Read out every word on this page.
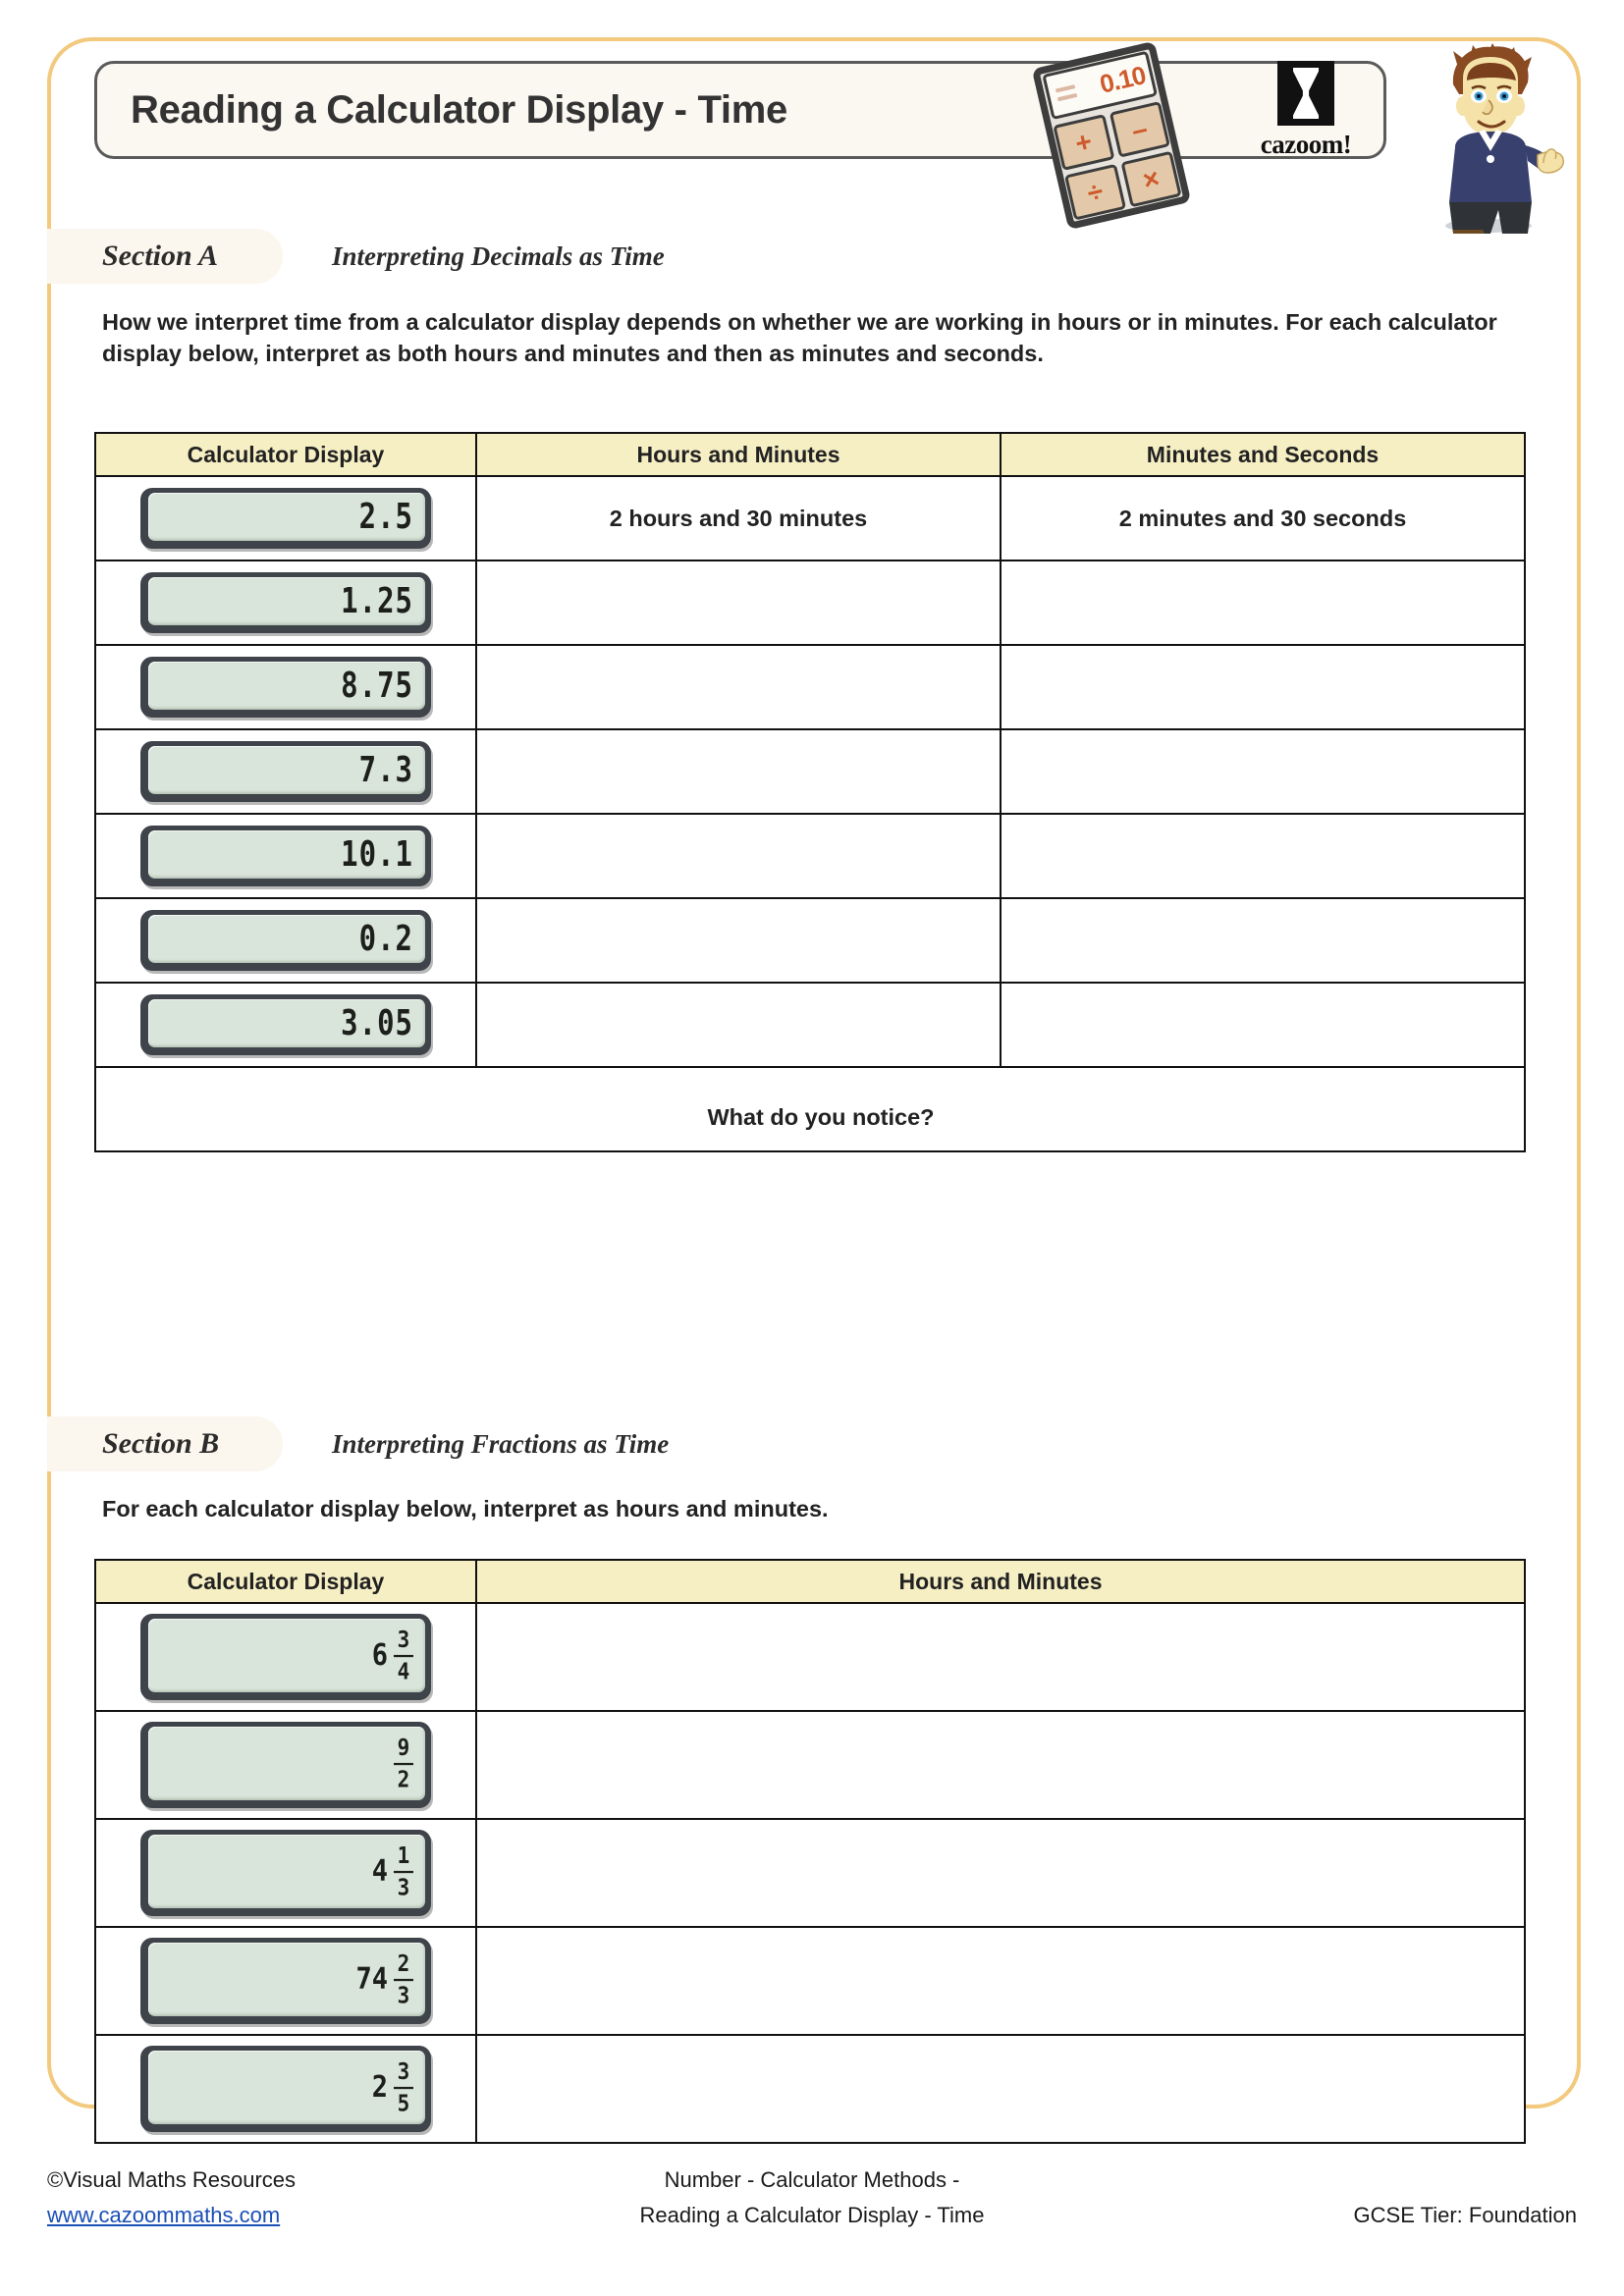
Reading a Calculator Display - Time
0.10
+	–
÷	×
cazoom!
Section A	Interpreting Decimals as Time
How we interpret time from a calculator display depends on whether we are working in hours or in minutes. For each calculator display below, interpret as both hours and minutes and then as minutes and seconds.
Calculator Display	Hours and Minutes	Minutes and Seconds

2.5	2 hours and 30 minutes	2 minutes and 30 seconds

1.25		

8.75		

7.3		

10.1		

0.2		

3.05		

What do you notice?		
Section B	Interpreting Fractions as Time
For each calculator display below, interpret as hours and minutes.
Calculator Display	Hours and Minutes

$6 \frac{3}{4}$

$\frac{9}{2}$

$4 \frac{1}{3}$

$74 \frac{2}{3}$

$2 \frac{3}{5}$

©Visual Maths Resources
www.cazoommaths.com
Number - Calculator Methods -
Reading a Calculator Display - Time	GCSE Tier: Foundation
